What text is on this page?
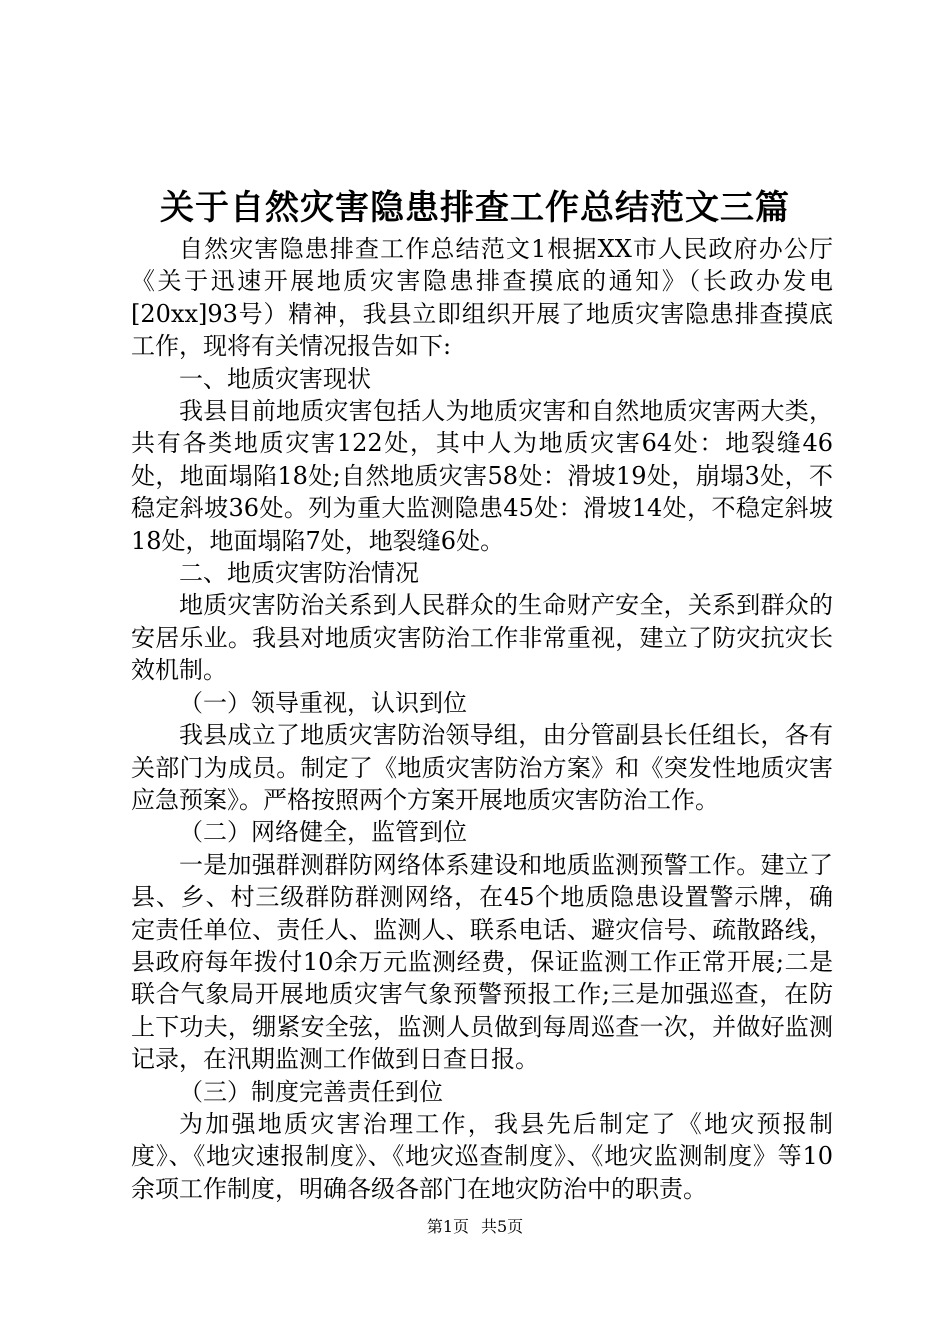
关于自然灾害隐患排查工作总结范文三篇

自然灾害隐患排查工作总结范文1根据XX市人民政府办公厅《关于迅速开展地质灾害隐患排查摸底的通知》（长政办发电[20xx]93号）精神，我县立即组织开展了地质灾害隐患排查摸底工作，现将有关情况报告如下:

一、地质灾害现状

我县目前地质灾害包括人为地质灾害和自然地质灾害两大类，共有各类地质灾害122处，其中人为地质灾害64处：地裂缝46处，地面塌陷18处;自然地质灾害58处：滑坡19处，崩塌3处，不稳定斜坡36处。列为重大监测隐患45处：滑坡14处，不稳定斜坡18处，地面塌陷7处，地裂缝6处。

二、地质灾害防治情况

地质灾害防治关系到人民群众的生命财产安全，关系到群众的安居乐业。我县对地质灾害防治工作非常重视，建立了防灾抗灾长效机制。

（一）领导重视，认识到位

我县成立了地质灾害防治领导组，由分管副县长任组长，各有关部门为成员。制定了《地质灾害防治方案》和《突发性地质灾害应急预案》。严格按照两个方案开展地质灾害防治工作。

（二）网络健全，监管到位

一是加强群测群防网络体系建设和地质监测预警工作。建立了县、乡、村三级群防群测网络，在45个地质隐患设置警示牌，确定责任单位、责任人、监测人、联系电话、避灾信号、疏散路线，县政府每年拨付10余万元监测经费，保证监测工作正常开展;二是联合气象局开展地质灾害气象预警预报工作;三是加强巡查，在防上下功夫，绷紧安全弦，监测人员做到每周巡查一次，并做好监测记录，在汛期监测工作做到日查日报。

（三）制度完善责任到位

为加强地质灾害治理工作，我县先后制定了《地灾预报制度》、《地灾速报制度》、《地灾巡查制度》、《地灾监测制度》等10余项工作制度，明确各级各部门在地灾防治中的职责。

第1页 共5页
